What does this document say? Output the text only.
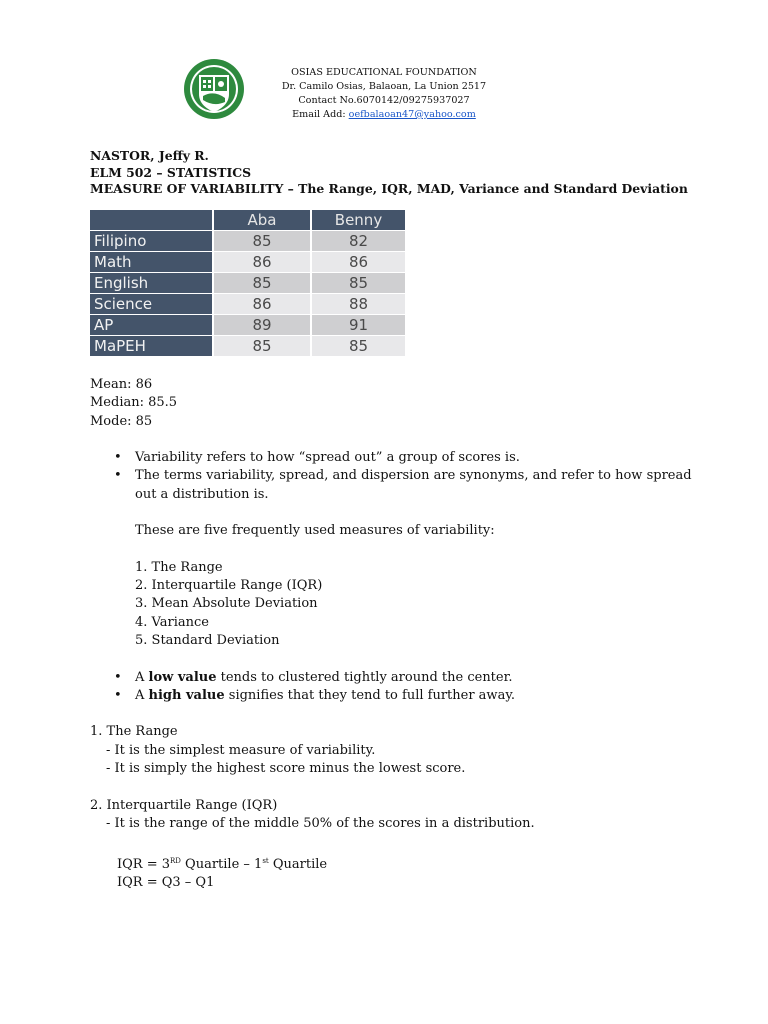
OSIAS EDUCATIONAL FOUNDATION
Dr. Camilo Osias, Balaoan, La Union 2517
Contact No.6070142/09275937027
Email Add: oefbalaoan47@yahoo.com
NASTOR, Jeffy R.
ELM 502 – STATISTICS
MEASURE OF VARIABILITY – The Range, IQR, MAD, Variance and Standard Deviation
	Aba	Benny
Filipino	85	82
Math	86	86
English	85	85
Science	86	88
AP	89	91
MaPEH	85	85
Mean: 86
Median: 85.5
Mode: 85
• Variability refers to how “spread out” a group of scores is.
• The terms variability, spread, and dispersion are synonyms, and refer to how spread out a distribution is.
These are five frequently used measures of variability:
1. The Range
2. Interquartile Range (IQR)
3. Mean Absolute Deviation
4. Variance
5. Standard Deviation
• A low value tends to clustered tightly around the center.
• A high value signifies that they tend to full further away.
1. The Range
- It is the simplest measure of variability.
- It is simply the highest score minus the lowest score.
2. Interquartile Range (IQR)
- It is the range of the middle 50% of the scores in a distribution.
IQR = 3RD Quartile – 1st Quartile
IQR = Q3 – Q1
